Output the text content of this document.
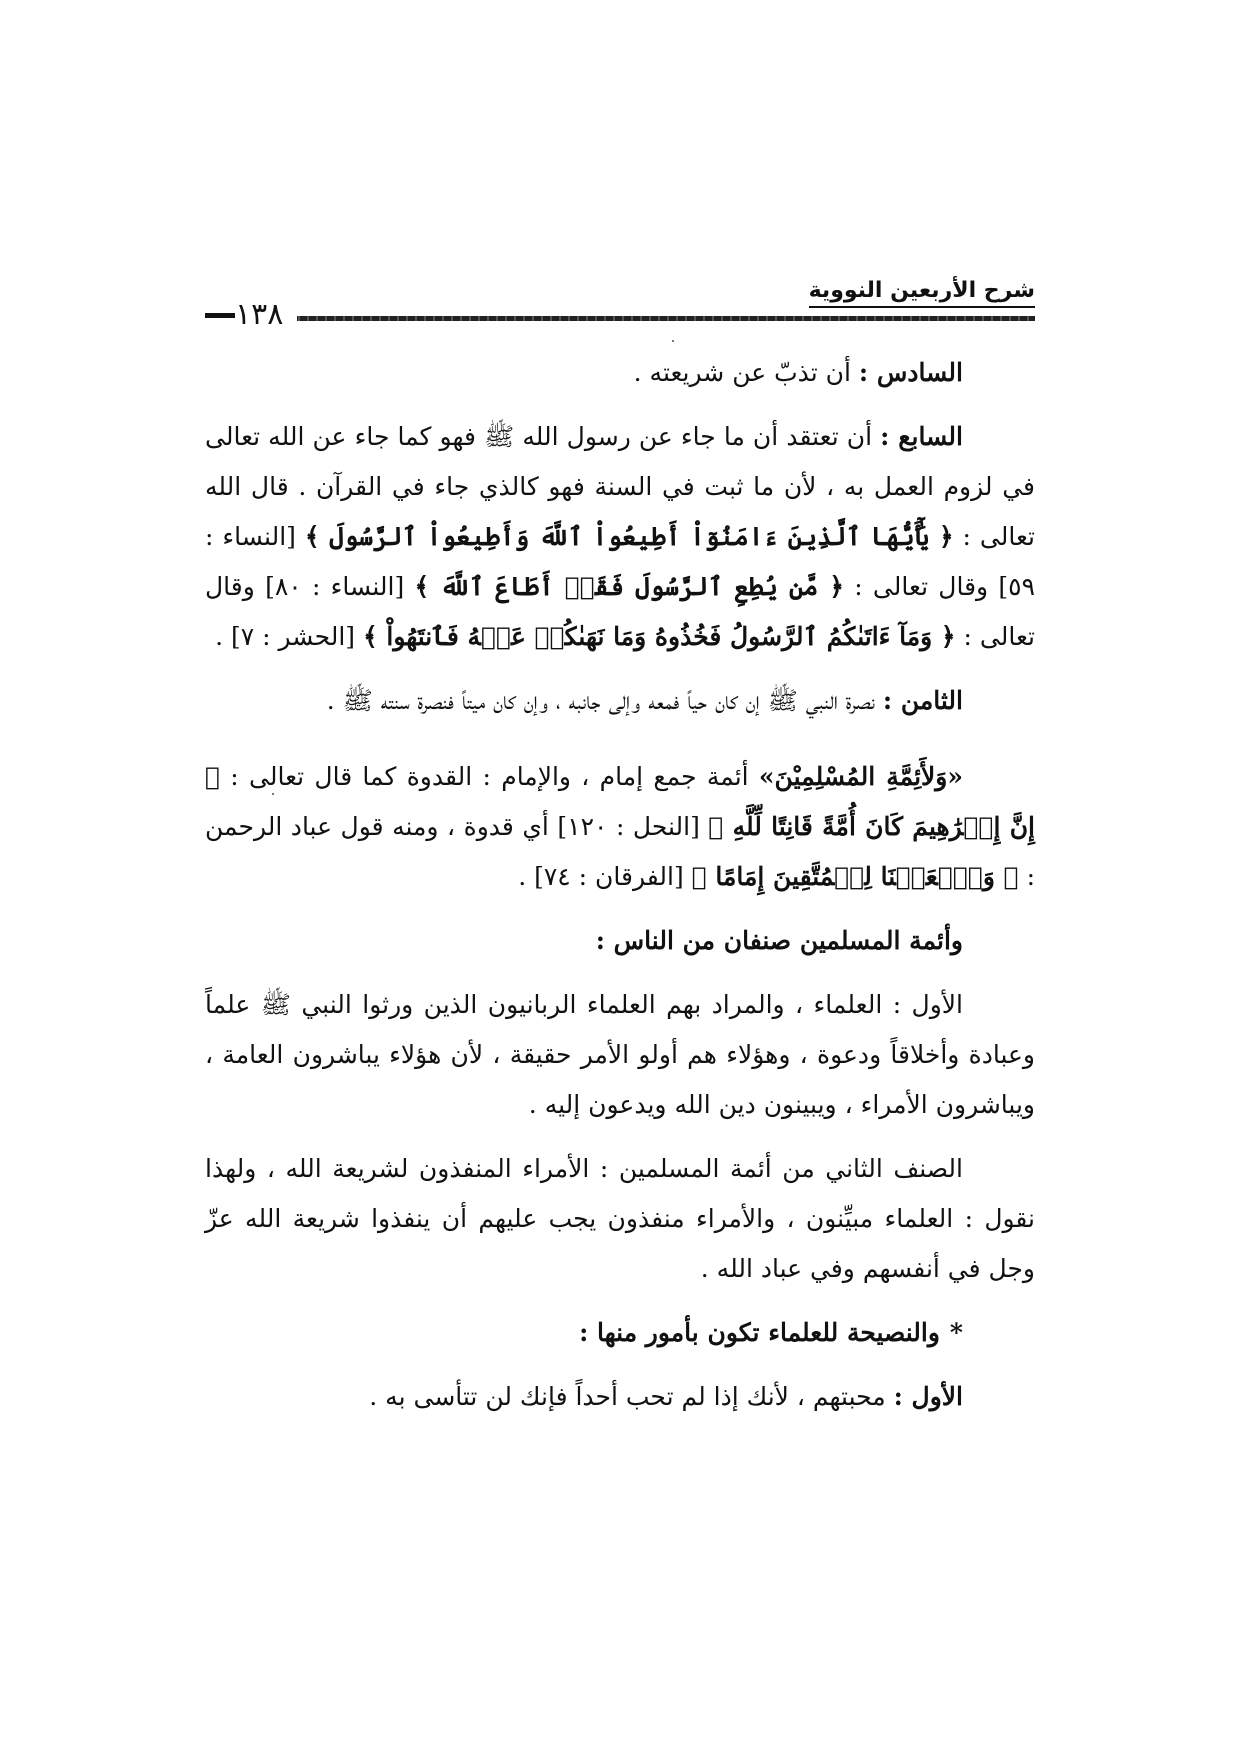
شرح الأربعين النووية
١٣٨

السادس : أن تذبّ عن شريعته .

السابع : أن تعتقد أن ما جاء عن رسول الله ﷺ فهو كما جاء عن الله تعالى في لزوم العمل به ، لأن ما ثبت في السنة فهو كالذي جاء في القرآن . قال الله تعالى : ﴿ يَٰٓأَيُّهَا ٱلَّذِينَ ءَامَنُوٓاْ أَطِيعُواْ ٱللَّهَ وَأَطِيعُواْ ٱلرَّسُولَ ﴾ [النساء : ٥٩] وقال تعالى : ﴿ مَّن يُطِعِ ٱلرَّسُولَ فَقَدۡ أَطَاعَ ٱللَّهَ ﴾ [النساء : ٨٠] وقال تعالى : ﴿ وَمَآ ءَاتَىٰكُمُ ٱلرَّسُولُ فَخُذُوهُ وَمَا نَهَىٰكُمۡ عَنۡهُ فَٱنتَهُواْ ﴾ [الحشر : ٧] .

الثامن : نصرة النبي ﷺ إن كان حياً فمعه وإلى جانبه ، وإن كان ميتاً فنصرة سنته ﷺ .

«وَلأَئِمَّةِ المُسْلِمِيْنَ» أئمة جمع إمام ، والإمام : القدوة كما قال تعالى : ﴿ إِنَّ إِبۡرَٰهِيمَ كَانَ أُمَّةً قَانِتًا لِّلَّهِ ﴾ [النحل : ١٢٠] أي قدوة ، ومنه قول عباد الرحمن : ﴿ وَٱجۡعَلۡنَا لِلۡمُتَّقِينَ إِمَامًا ﴾ [الفرقان : ٧٤] .

وأئمة المسلمين صنفان من الناس :

الأول : العلماء ، والمراد بهم العلماء الربانيون الذين ورثوا النبي ﷺ علماً وعبادة وأخلاقاً ودعوة ، وهؤلاء هم أولو الأمر حقيقة ، لأن هؤلاء يباشرون العامة ، ويباشرون الأمراء ، ويبينون دين الله ويدعون إليه .

الصنف الثاني من أئمة المسلمين : الأمراء المنفذون لشريعة الله ، ولهذا نقول : العلماء مبيِّنون ، والأمراء منفذون يجب عليهم أن ينفذوا شريعة الله عزّ وجل في أنفسهم وفي عباد الله .

*والنصيحة للعلماء تكون بأمور منها :

الأول : محبتهم ، لأنك إذا لم تحب أحداً فإنك لن تتأسى به .
